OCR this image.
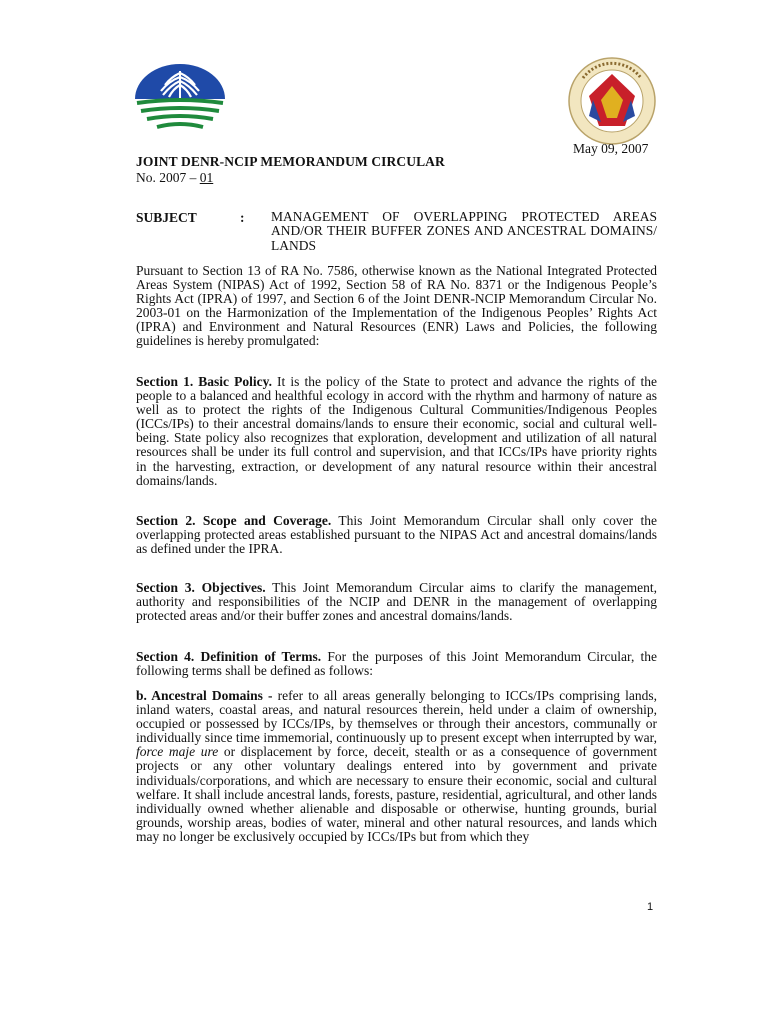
May 09, 2007
JOINT DENR-NCIP MEMORANDUM CIRCULAR
No. 2007 – 01
SUBJECT	: MANAGEMENT OF OVERLAPPING PROTECTED AREAS AND/OR THEIR BUFFER ZONES AND ANCESTRAL DOMAINS/ LANDS
Pursuant to Section 13 of RA No. 7586, otherwise known as the National Integrated Protected Areas System (NIPAS) Act of 1992, Section 58 of RA No. 8371 or the Indigenous People’s Rights Act (IPRA) of 1997, and Section 6 of the Joint DENR-NCIP Memorandum Circular No. 2003-01 on the Harmonization of the Implementation of the Indigenous Peoples’ Rights Act (IPRA) and Environment and Natural Resources (ENR) Laws and Policies, the following guidelines is hereby promulgated:
Section 1. Basic Policy. It is the policy of the State to protect and advance the rights of the people to a balanced and healthful ecology in accord with the rhythm and harmony of nature as well as to protect the rights of the Indigenous Cultural Communities/Indigenous Peoples (ICCs/IPs) to their ancestral domains/lands to ensure their economic, social and cultural well-being. State policy also recognizes that exploration, development and utilization of all natural resources shall be under its full control and supervision, and that ICCs/IPs have priority rights in the harvesting, extraction, or development of any natural resource within their ancestral domains/lands.
Section 2. Scope and Coverage. This Joint Memorandum Circular shall only cover the overlapping protected areas established pursuant to the NIPAS Act and ancestral domains/lands as defined under the IPRA.
Section 3. Objectives. This Joint Memorandum Circular aims to clarify the management, authority and responsibilities of the NCIP and DENR in the management of overlapping protected areas and/or their buffer zones and ancestral domains/lands.
Section 4. Definition of Terms. For the purposes of this Joint Memorandum Circular, the following terms shall be defined as follows:
b. Ancestral Domains - refer to all areas generally belonging to ICCs/IPs comprising lands, inland waters, coastal areas, and natural resources therein, held under a claim of ownership, occupied or possessed by ICCs/IPs, by themselves or through their ancestors, communally or individually since time immemorial, continuously up to present except when interrupted by war, force maje ure or displacement by force, deceit, stealth or as a consequence of government projects or any other voluntary dealings entered into by government and private individuals/corporations, and which are necessary to ensure their economic, social and cultural welfare. It shall include ancestral lands, forests, pasture, residential, agricultural, and other lands individually owned whether alienable and disposable or otherwise, hunting grounds, burial grounds, worship areas, bodies of water, mineral and other natural resources, and lands which may no longer be exclusively occupied by ICCs/IPs but from which they
1
